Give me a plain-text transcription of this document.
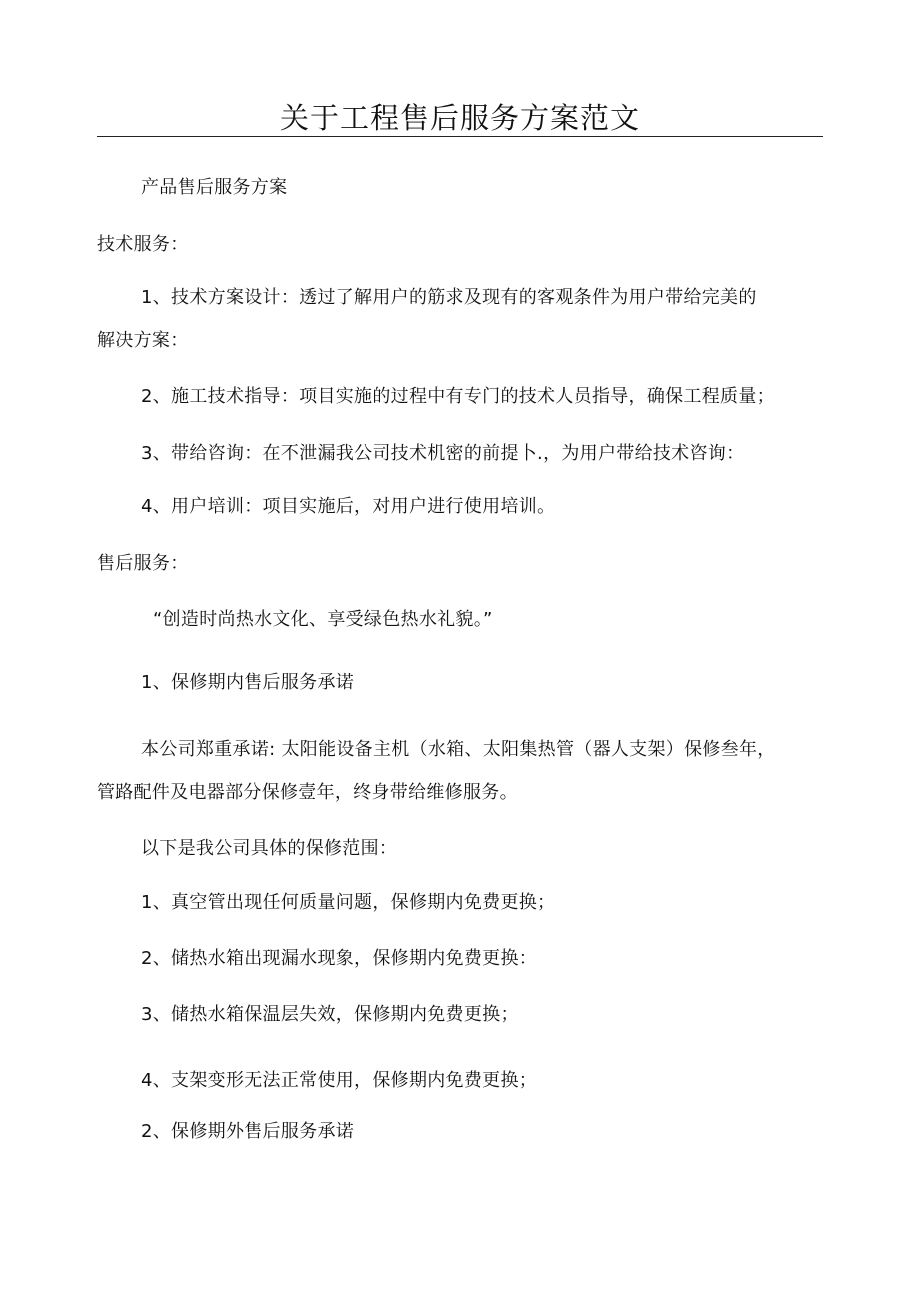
关于工程售后服务方案范文
产品售后服务方案
技术服务：
1、技术方案设计：透过了解用户的筋求及现有的客观条件为用户带给完美的
解决方案：
2、施工技术指导：项目实施的过程中有专门的技术人员指导，确保工程质量；
3、带给咨询：在不泄漏我公司技术机密的前提卜.，为用户带给技术咨询：
4、用户培训：项目实施后，对用户进行使用培训。
售后服务：
“创造时尚热水文化、享受绿色热水礼貌。”
1、保修期内售后服务承诺
本公司郑重承诺: 太阳能设备主机（水箱、太阳集热管（器人支架）保修叁年，
管路配件及电器部分保修壹年，终身带给维修服务。
以下是我公司具体的保修范围：
1、真空管出现任何质量问题，保修期内免费更换；
2、储热水箱出现漏水现象，保修期内免费更换：
3、储热水箱保温层失效，保修期内免费更换；
4、支架变形无法正常使用，保修期内免费更换；
2、保修期外售后服务承诺
